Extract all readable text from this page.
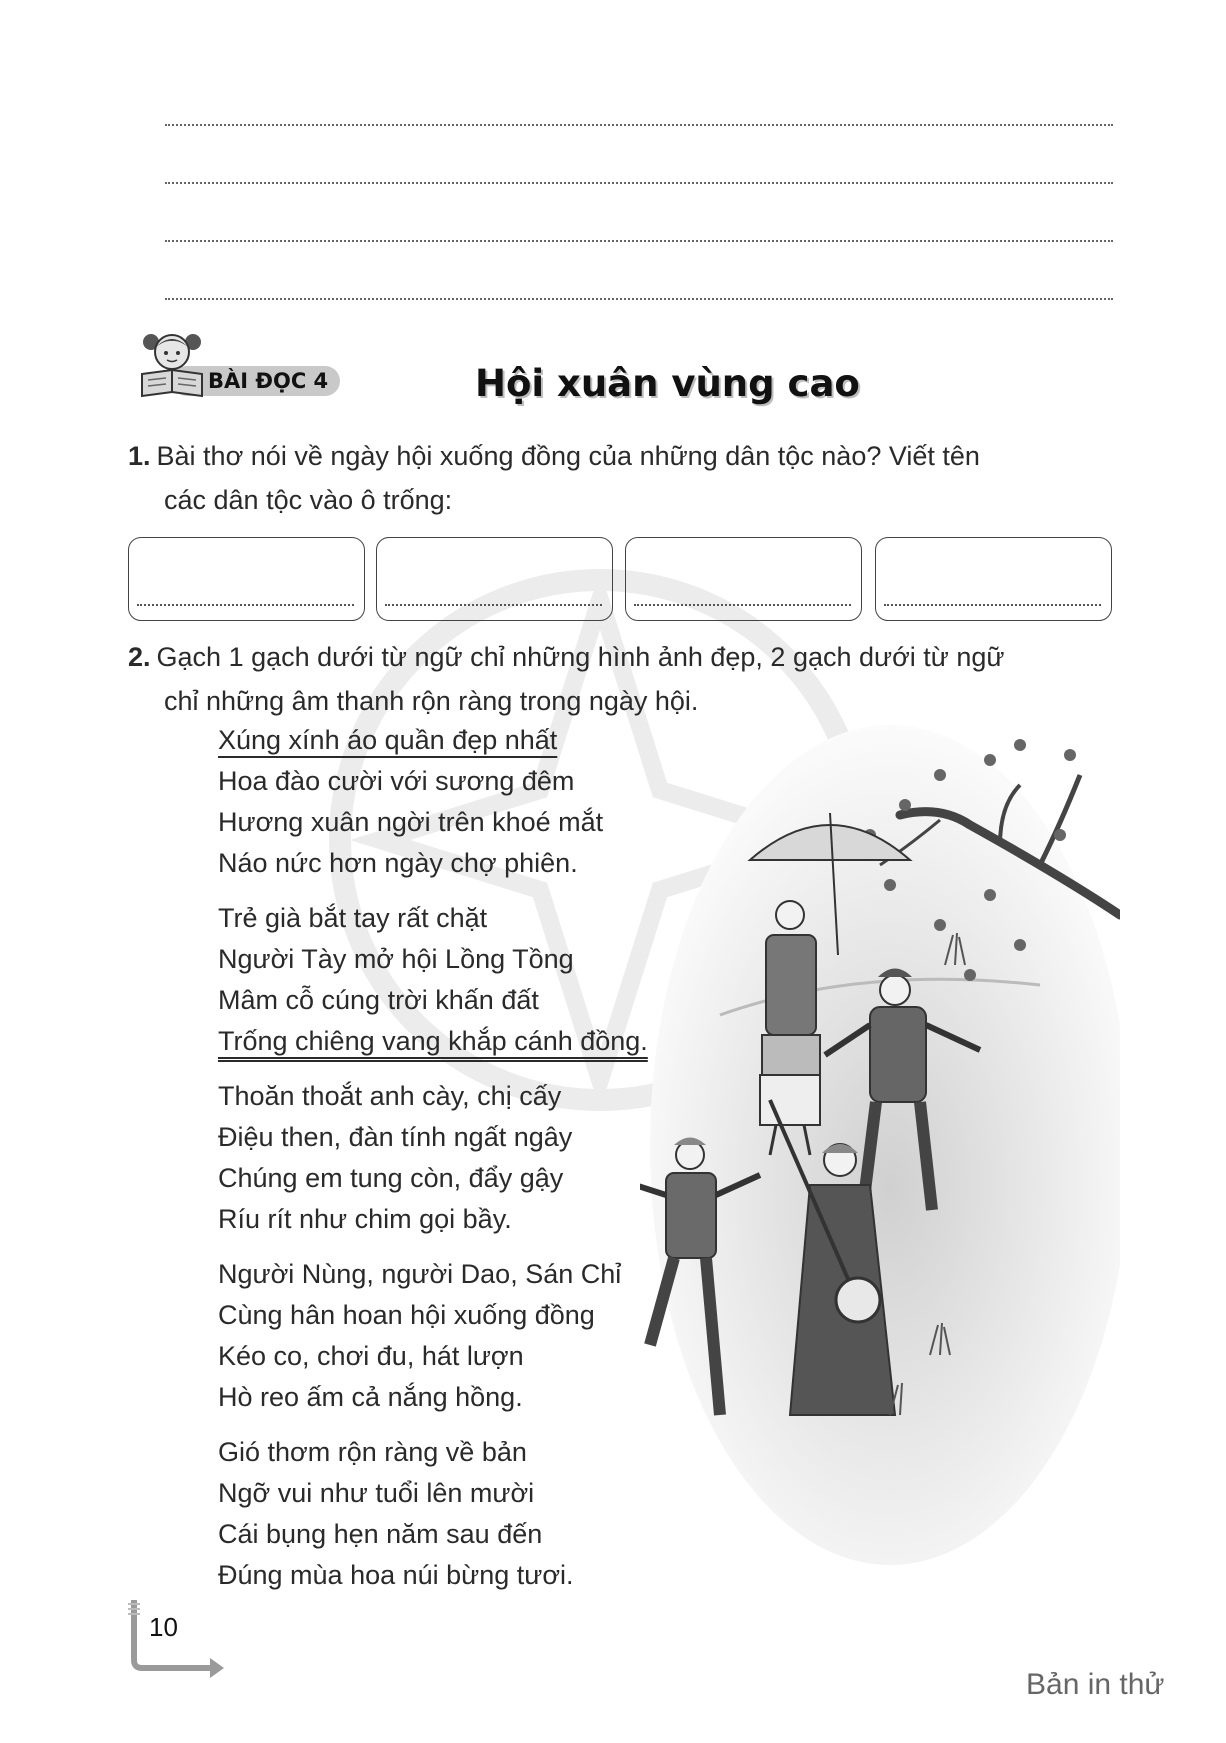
BÀI ĐỌC 4	Hội xuân vùng cao
1. Bài thơ nói về ngày hội xuống đồng của những dân tộc nào? Viết tên
các dân tộc vào ô trống:
2. Gạch 1 gạch dưới từ ngữ chỉ những hình ảnh đẹp, 2 gạch dưới từ ngữ
chỉ những âm thanh rộn ràng trong ngày hội.
Xúng xính áo quần đẹp nhất
Hoa đào cười với sương đêm
Hương xuân ngời trên khoé mắt
Náo nức hơn ngày chợ phiên.
Trẻ già bắt tay rất chặt
Người Tày mở hội Lồng Tồng
Mâm cỗ cúng trời khấn đất
Trống chiêng vang khắp cánh đồng.
Thoăn thoắt anh cày, chị cấy
Điệu then, đàn tính ngất ngây
Chúng em tung còn, đẩy gậy
Ríu rít như chim gọi bầy.
Người Nùng, người Dao, Sán Chỉ
Cùng hân hoan hội xuống đồng
Kéo co, chơi đu, hát lượn
Hò reo ấm cả nắng hồng.
Gió thơm rộn ràng về bản
Ngỡ vui như tuổi lên mười
Cái bụng hẹn năm sau đến
Đúng mùa hoa núi bừng tươi.
10
Bản in thử
